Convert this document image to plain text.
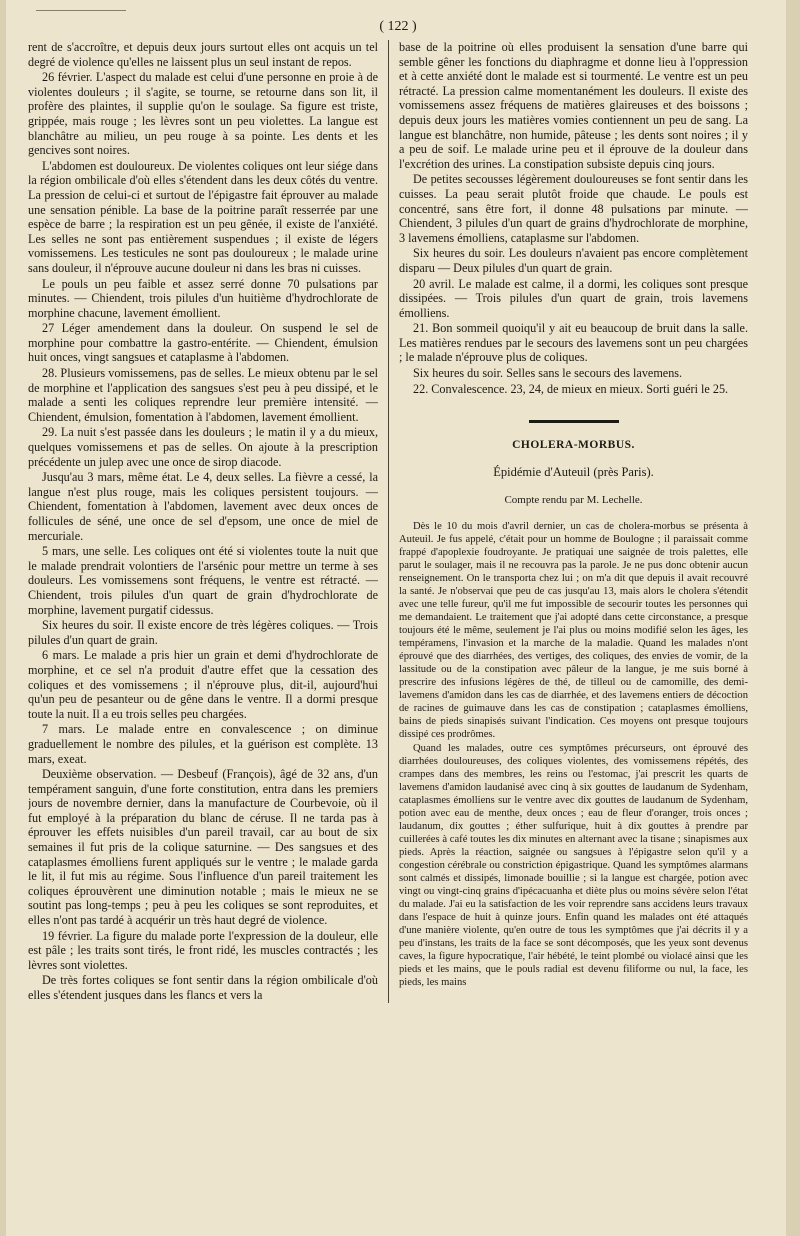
( 122 )

rent de s'accroître, et depuis deux jours surtout elles ont acquis un tel degré de violence qu'elles ne laissent plus un seul instant de repos.

26 février. L'aspect du malade est celui d'une personne en proie à de violentes douleurs ; il s'agite, se tourne, se retourne dans son lit, il profère des plaintes, il supplie qu'on le soulage. Sa figure est triste, grippée, mais rouge ; les lèvres sont un peu violettes. La langue est blanchâtre au milieu, un peu rouge à sa pointe. Les dents et les gencives sont noires.

L'abdomen est douloureux. De violentes coliques ont leur siége dans la région ombilicale d'où elles s'étendent dans les deux côtés du ventre. La pression de celui-ci et surtout de l'épigastre fait éprouver au malade une sensation pénible. La base de la poitrine paraît resserrée par une espèce de barre ; la respiration est un peu gênée, il existe de l'anxiété. Les selles ne sont pas entièrement suspendues ; il existe de légers vomissemens. Les testicules ne sont pas douloureux ; le malade urine sans douleur, il n'éprouve aucune douleur ni dans les bras ni cuisses.

Le pouls un peu faible et assez serré donne 70 pulsations par minutes. — Chiendent, trois pilules d'un huitième d'hydrochlorate de morphine chacune, lavement émollient.

27 Léger amendement dans la douleur. On suspend le sel de morphine pour combattre la gastro-entérite. — Chiendent, émulsion huit onces, vingt sangsues et cataplasme à l'abdomen.

28. Plusieurs vomissemens, pas de selles. Le mieux obtenu par le sel de morphine et l'application des sangsues s'est peu à peu dissipé, et le malade a senti les coliques reprendre leur première intensité. —Chiendent, émulsion, fomentation à l'abdomen, lavement émollient.

29. La nuit s'est passée dans les douleurs ; le matin il y a du mieux, quelques vomissemens et pas de selles. On ajoute à la prescription précédente un julep avec une once de sirop diacode.

Jusqu'au 3 mars, même état. Le 4, deux selles. La fièvre a cessé, la langue n'est plus rouge, mais les coliques persistent toujours. — Chiendent, fomentation à l'abdomen, lavement avec deux onces de follicules de séné, une once de sel d'epsom, une once de miel de mercuriale.

5 mars, une selle. Les coliques ont été si violentes toute la nuit que le malade prendrait volontiers de l'arsénic pour mettre un terme à ses douleurs. Les vomissemens sont fréquens, le ventre est rétracté. — Chiendent, trois pilules d'un quart de grain d'hydrochlorate de morphine, lavement purgatif cidessus.

Six heures du soir. Il existe encore de très légères coliques. — Trois pilules d'un quart de grain.

6 mars. Le malade a pris hier un grain et demi d'hydrochlorate de morphine, et ce sel n'a produit d'autre effet que la cessation des coliques et des vomissemens ; il n'éprouve plus, dit-il, aujourd'hui qu'un peu de pesanteur ou de gêne dans le ventre. Il a dormi presque toute la nuit. Il a eu trois selles peu chargées.

7 mars. Le malade entre en convalescence ; on diminue graduellement le nombre des pilules, et la guérison est complète. 13 mars, exeat.

Deuxième observation. — Desbeuf (François), âgé de 32 ans, d'un tempérament sanguin, d'une forte constitution, entra dans les premiers jours de novembre dernier, dans la manufacture de Courbevoie, où il fut employé à la préparation du blanc de céruse. Il ne tarda pas à éprouver les effets nuisibles d'un pareil travail, car au bout de six semaines il fut pris de la colique saturnine. — Des sangsues et des cataplasmes émolliens furent appliqués sur le ventre ; le malade garda le lit, il fut mis au régime. Sous l'influence d'un pareil traitement les coliques éprouvèrent une diminution notable ; mais le mieux ne se soutint pas long-temps ; peu à peu les coliques se sont reproduites, et elles n'ont pas tardé à acquérir un très haut degré de violence.

19 février. La figure du malade porte l'expression de la douleur, elle est pâle ; les traits sont tirés, le front ridé, les muscles contractés ; les lèvres sont violettes.

De très fortes coliques se font sentir dans la région ombilicale d'où elles s'étendent jusques dans les flancs et vers la

base de la poitrine où elles produisent la sensation d'une barre qui semble gêner les fonctions du diaphragme et donne lieu à l'oppression et à cette anxiété dont le malade est si tourmenté. Le ventre est un peu rétracté. La pression calme momentanément les douleurs. Il existe des vomissemens assez fréquens de matières glaireuses et des boissons ; depuis deux jours les matières vomies contiennent un peu de sang. La langue est blanchâtre, non humide, pâteuse ; les dents sont noires ; il y a peu de soif. Le malade urine peu et il éprouve de la douleur dans l'excrétion des urines. La constipation subsiste depuis cinq jours.

De petites secousses légèrement douloureuses se font sentir dans les cuisses. La peau serait plutôt froide que chaude. Le pouls est concentré, sans être fort, il donne 48 pulsations par minute. — Chiendent, 3 pilules d'un quart de grains d'hydrochlorate de morphine, 3 lavemens émolliens, cataplasme sur l'abdomen.

Six heures du soir. Les douleurs n'avaient pas encore complètement disparu — Deux pilules d'un quart de grain.

20 avril. Le malade est calme, il a dormi, les coliques sont presque dissipées. — Trois pilules d'un quart de grain, trois lavemens émolliens.

21. Bon sommeil quoiqu'il y ait eu beaucoup de bruit dans la salle. Les matières rendues par le secours des lavemens sont un peu chargées ; le malade n'éprouve plus de coliques.

Six heures du soir. Selles sans le secours des lavemens.

22. Convalescence. 23, 24, de mieux en mieux. Sorti guéri le 25.

CHOLERA-MORBUS.
Épidémie d'Auteuil (près Paris).
Compte rendu par M. Lechelle.

Dès le 10 du mois d'avril dernier, un cas de cholera-morbus se présenta à Auteuil. Je fus appelé, c'était pour un homme de Boulogne ; il paraissait comme frappé d'apoplexie foudroyante. Je pratiquai une saignée de trois palettes, elle parut le soulager, mais il ne recouvra pas la parole. Je ne pus donc obtenir aucun renseignement. On le transporta chez lui ; on m'a dit que depuis il avait recouvré la santé. Je n'observai que peu de cas jusqu'au 13, mais alors le cholera s'étendit avec une telle fureur, qu'il me fut impossible de secourir toutes les personnes qui me demandaient. Le traitement que j'ai adopté dans cette circonstance, a presque toujours été le même, seulement je l'ai plus ou moins modifié selon les âges, les tempéramens, l'invasion et la marche de la maladie. Quand les malades n'ont éprouvé que des diarrhées, des vertiges, des coliques, des envies de vomir, de la lassitude ou de la constipation avec pâleur de la langue, je me suis borné à prescrire des infusions légères de thé, de tilleul ou de camomille, des demi-lavemens d'amidon dans les cas de diarrhée, et des lavemens entiers de décoction de racines de guimauve dans les cas de constipation ; cataplasmes émolliens, bains de pieds sinapisés suivant l'indication. Ces moyens ont presque toujours dissipé ces prodrômes.

Quand les malades, outre ces symptômes précurseurs, ont éprouvé des diarrhées douloureuses, des coliques violentes, des vomissemens répétés, des crampes dans des membres, les reins ou l'estomac, j'ai prescrit les quarts de lavemens d'amidon laudanisé avec cinq à six gouttes de laudanum de Sydenham, cataplasmes émolliens sur le ventre avec dix gouttes de laudanum de Sydenham, potion avec eau de menthe, deux onces ; eau de fleur d'oranger, trois onces ; laudanum, dix gouttes ; éther sulfurique, huit à dix gouttes à prendre par cuillerées à café toutes les dix minutes en alternant avec la tisane ; sinapismes aux pieds. Après la réaction, saignée ou sangsues à l'épigastre selon qu'il y a congestion cérébrale ou constriction épigastrique. Quand les symptômes alarmans sont calmés et dissipés, limonade bouillie ; si la langue est chargée, potion avec vingt ou vingt-cinq grains d'ipécacuanha et diète plus ou moins sévère selon l'état du malade. J'ai eu la satisfaction de les voir reprendre sans accidens leurs travaux dans l'espace de huit à quinze jours. Enfin quand les malades ont été attaqués d'une manière violente, qu'en outre de tous les symptômes que j'ai décrits il y a peu d'instans, les traits de la face se sont décomposés, que les yeux sont devenus caves, la figure hypocratique, l'air hébété, le teint plombé ou violacé ainsi que les pieds et les mains, que le pouls radial est devenu filiforme ou nul, la face, les pieds, les mains
